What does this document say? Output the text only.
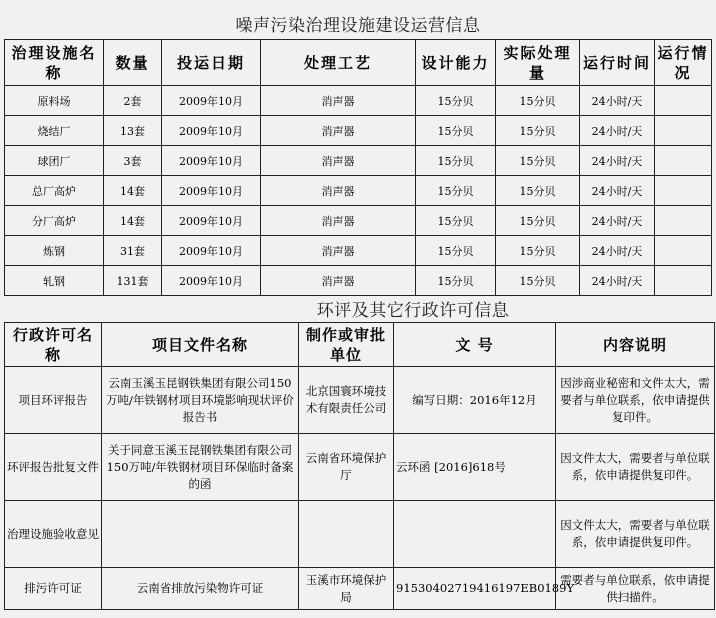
噪声污染治理设施建设运营信息
治理设施名称	数量	投运日期	处理工艺	设计能力	实际处理量	运行时间	运行情况
原料场	2套	2009年10月	消声器	15分贝	15分贝	24小时/天	
烧结厂	13套	2009年10月	消声器	15分贝	15分贝	24小时/天	
球团厂	3套	2009年10月	消声器	15分贝	15分贝	24小时/天	
总厂高炉	14套	2009年10月	消声器	15分贝	15分贝	24小时/天	
分厂高炉	14套	2009年10月	消声器	15分贝	15分贝	24小时/天	
炼钢	31套	2009年10月	消声器	15分贝	15分贝	24小时/天	
轧钢	131套	2009年10月	消声器	15分贝	15分贝	24小时/天	
环评及其它行政许可信息
行政许可名称	项目文件名称	制作或审批单位	文 号	内容说明
项目环评报告	云南玉溪玉昆钢铁集团有限公司150万吨/年铁钢材项目环境影响现状评价报告书	北京国寰环境技术有限责任公司	编写日期：2016年12月	因涉商业秘密和文件太大，需要者与单位联系，依申请提供复印件。
环评报告批复文件	关于同意玉溪玉昆钢铁集团有限公司150万吨/年铁钢材项目环保临时备案的函	云南省环境保护厅	云环函 [2016]618号	因文件太大，需要者与单位联系，依申请提供复印件。
治理设施验收意见				因文件太大，需要者与单位联系，依申请提供复印件。
排污许可证	云南省排放污染物许可证	玉溪市环境保护局	91530402719416197EB0189Y	需要者与单位联系，依申请提供扫描件。
